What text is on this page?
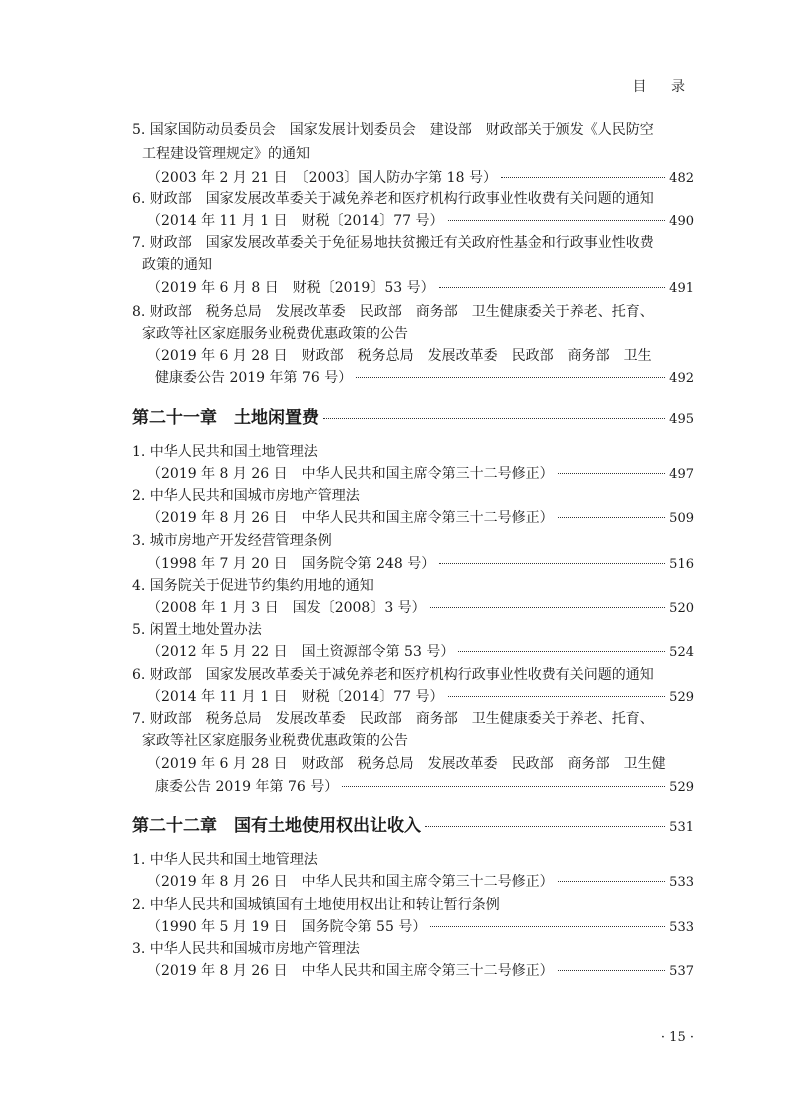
目 录
5. 国家国防动员委员会　国家发展计划委员会　建设部　财政部关于颁发《人民防空
工程建设管理规定》的通知
（2003 年 2 月 21 日　〔2003〕国人防办字第 18 号）	482
6. 财政部　国家发展改革委关于减免养老和医疗机构行政事业性收费有关问题的通知
（2014 年 11 月 1 日　财税〔2014〕77 号）	490
7. 财政部　国家发展改革委关于免征易地扶贫搬迁有关政府性基金和行政事业性收费
政策的通知
（2019 年 6 月 8 日　财税〔2019〕53 号）	491
8. 财政部　税务总局　发展改革委　民政部　商务部　卫生健康委关于养老、托育、
家政等社区家庭服务业税费优惠政策的公告
（2019 年 6 月 28 日　财政部　税务总局　发展改革委　民政部　商务部　卫生
健康委公告 2019 年第 76 号）	492
第二十一章　土地闲置费	495
1. 中华人民共和国土地管理法
（2019 年 8 月 26 日　中华人民共和国主席令第三十二号修正）	497
2. 中华人民共和国城市房地产管理法
（2019 年 8 月 26 日　中华人民共和国主席令第三十二号修正）	509
3. 城市房地产开发经营管理条例
（1998 年 7 月 20 日　国务院令第 248 号）	516
4. 国务院关于促进节约集约用地的通知
（2008 年 1 月 3 日　国发〔2008〕3 号）	520
5. 闲置土地处置办法
（2012 年 5 月 22 日　国土资源部令第 53 号）	524
6. 财政部　国家发展改革委关于减免养老和医疗机构行政事业性收费有关问题的通知
（2014 年 11 月 1 日　财税〔2014〕77 号）	529
7. 财政部　税务总局　发展改革委　民政部　商务部　卫生健康委关于养老、托育、
家政等社区家庭服务业税费优惠政策的公告
（2019 年 6 月 28 日　财政部　税务总局　发展改革委　民政部　商务部　卫生健
康委公告 2019 年第 76 号）	529
第二十二章　国有土地使用权出让收入	531
1. 中华人民共和国土地管理法
（2019 年 8 月 26 日　中华人民共和国主席令第三十二号修正）	533
2. 中华人民共和国城镇国有土地使用权出让和转让暂行条例
（1990 年 5 月 19 日　国务院令第 55 号）	533
3. 中华人民共和国城市房地产管理法
（2019 年 8 月 26 日　中华人民共和国主席令第三十二号修正）	537
· 15 ·
